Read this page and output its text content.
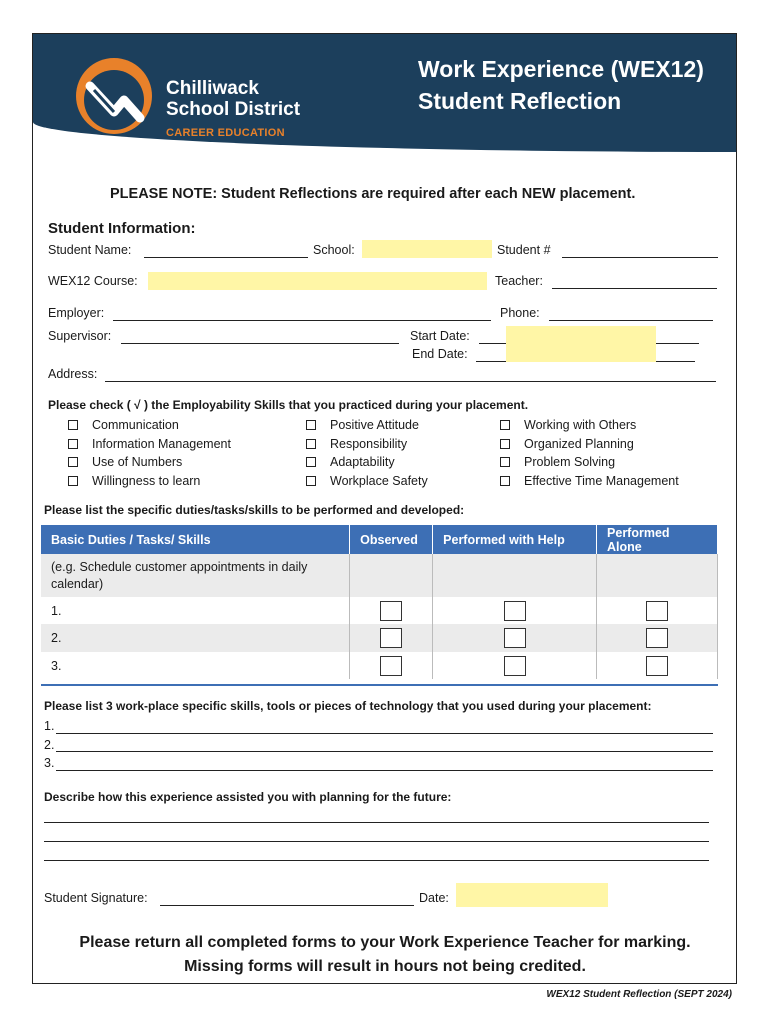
Chilliwack
School District
CAREER EDUCATION
Work Experience (WEX12)
Student Reflection
PLEASE NOTE: Student Reflections are required after each NEW placement.
Student Information:
Student Name:	School:	Student #
WEX12 Course:	Teacher:
Employer:	Phone:
Supervisor:	Start Date:
End Date:
Address:
Please check ( √ ) the Employability Skills that you practiced during your placement.
Communication
Information Management
Use of Numbers
Willingness to learn
Positive Attitude
Responsibility
Adaptability
Workplace Safety
Working with Others
Organized Planning
Problem Solving
Effective Time Management
Please list the specific duties/tasks/skills to be performed and developed:
Basic Duties / Tasks/ Skills	Observed	Performed with Help	Performed Alone
(e.g. Schedule customer appointments in daily calendar)			
1.	

2.	

3.	

Please list 3 work-place specific skills, tools or pieces of technology that you used during your placement:
1.
2.
3.
Describe how this experience assisted you with planning for the future:
Student Signature:	Date:
Please return all completed forms to your Work Experience Teacher for marking.
Missing forms will result in hours not being credited.
WEX12 Student Reflection (SEPT 2024)
